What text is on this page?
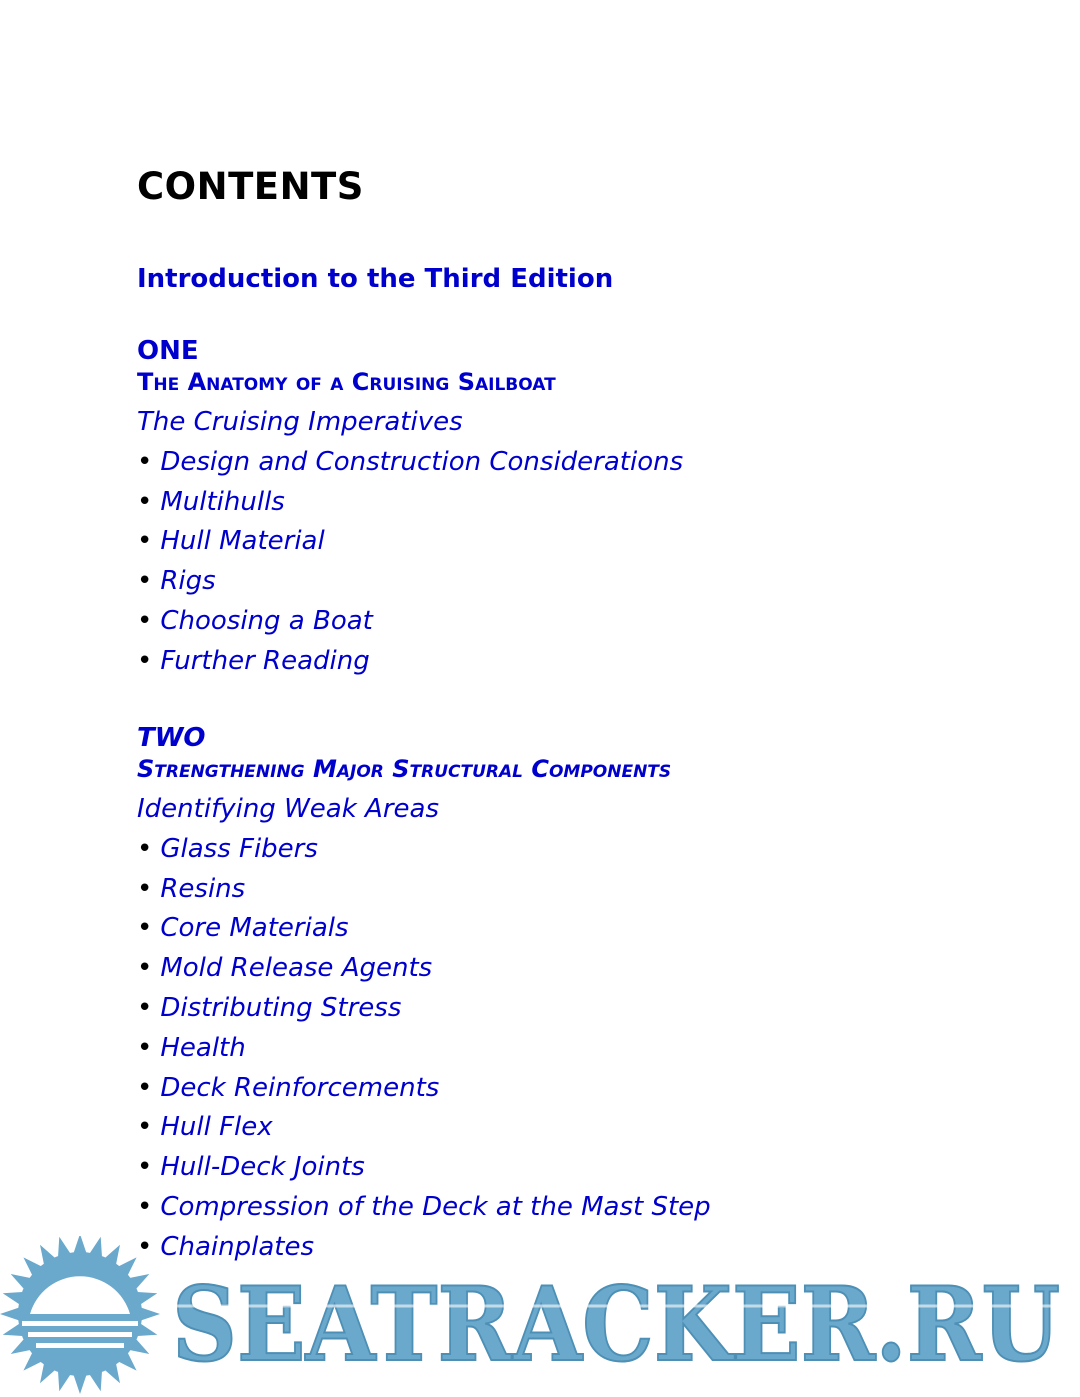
CONTENTS
Introduction to the Third Edition
ONE
The Anatomy of a Cruising Sailboat
The Cruising Imperatives
• Design and Construction Considerations
• Multihulls
• Hull Material
• Rigs
• Choosing a Boat
• Further Reading
TWO
Strengthening Major Structural Components
Identifying Weak Areas
• Glass Fibers
• Resins
• Core Materials
• Mold Release Agents
• Distributing Stress
• Health
• Deck Reinforcements
• Hull Flex
• Hull-Deck Joints
• Compression of the Deck at the Mast Step
• Chainplates
SEATRACKER.RU
